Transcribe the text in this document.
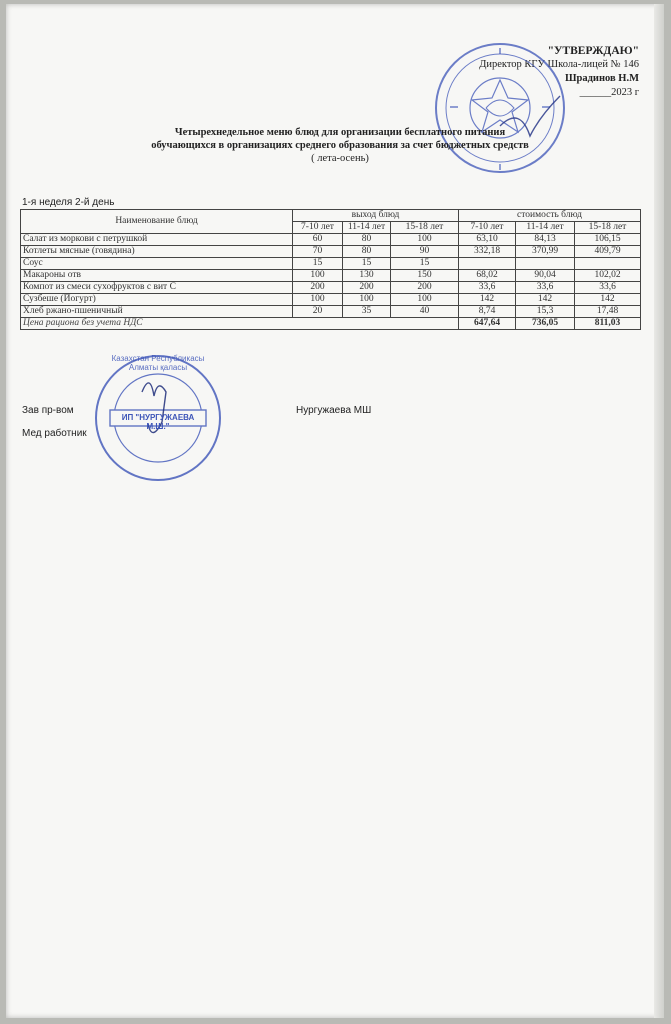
"УТВЕРЖДАЮ"
Директор КГУ Школа-лицей № 146
Шрадинов Н.М
______2023 г
Четырехнедельное меню блюд для организации бесплатного питания
обучающихся в организациях среднего образования за счет бюджетных средств
( лета-осень)
1-я неделя 2-й день
Наименование блюд	выход блюд			стоимость блюд		
	7-10 лет	11-14 лет	15-18 лет	7-10 лет	11-14 лет	15-18 лет
Салат из моркови с петрушкой	60	80	100	63,10	84,13	106,15
Котлеты мясные (говядина)	70	80	90	332,18	370,99	409,79
Соус	15	15	15			
Макароны отв	100	130	150	68,02	90,04	102,02
Компот из смеси сухофруктов с вит С	200	200	200	33,6	33,6	33,6
Сузбеше (Йогурт)	100	100	100	142	142	142
Хлеб ржано-пшеничный	20	35	40	8,74	15,3	17,48
Цена рациона без учета НДС				647,64	736,05	811,03
Зав пр-вом	Нургужаева МШ
Мед работник
Казахстан Республикасы Алматы қаласы
ИП "НУРГУЖАЕВА М.Ш."
